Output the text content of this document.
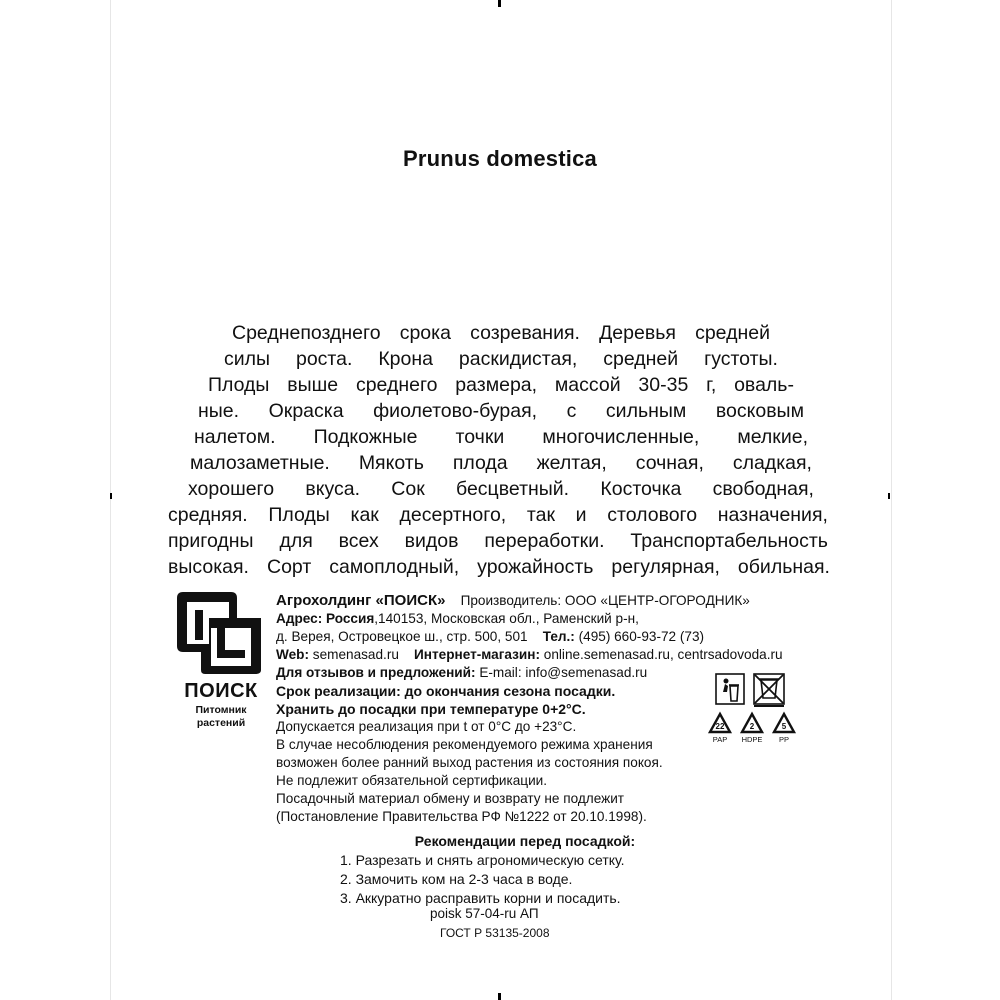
Prunus domestica
Среднепозднего срока созревания. Деревья средней
силы роста. Крона раскидистая, средней густоты.
Плоды выше среднего размера, массой 30-35 г, оваль-
ные. Окраска фиолетово-бурая, с сильным восковым
налетом. Подкожные точки многочисленные, мелкие,
малозаметные. Мякоть плода желтая, сочная, сладкая,
хорошего вкуса. Сок бесцветный. Косточка свободная,
средняя. Плоды как десертного, так и столового назначения,
пригодны для всех видов переработки. Транспортабельность
высокая. Сорт самоплодный, урожайность регулярная, обильная.
ПОИСК
Питомник
растений
Агрохолдинг «ПОИСК» Производитель: ООО «ЦЕНТР-ОГОРОДНИК»
Адрес: Россия,140153, Московская обл., Раменский р-н,
д. Верея, Островецкое ш., стр. 500, 501 Тел.: (495) 660-93-72 (73)
Web: semenasad.ru Интернет-магазин: online.semenasad.ru, centrsadovoda.ru
Для отзывов и предложений: E-mail: info@semenasad.ru
Срок реализации: до окончания сезона посадки.
Хранить до посадки при температуре 0+2°С.
Допускается реализация при t от 0°С до +23°С.
В случае несоблюдения рекомендуемого режима хранения
возможен более ранний выход растения из состояния покоя.
Не подлежит обязательной сертификации.
Посадочный материал обмену и возврату не подлежит
(Постановление Правительства РФ №1222 от 20.10.1998).
22
PAP
2
HDPE
5
PP
Рекомендации перед посадкой:
1. Разрезать и снять агрономическую сетку.
2. Замочить ком на 2-3 часа в воде.
3. Аккуратно расправить корни и посадить.
poisk 57-04-ru АП
ГОСТ Р 53135-2008
